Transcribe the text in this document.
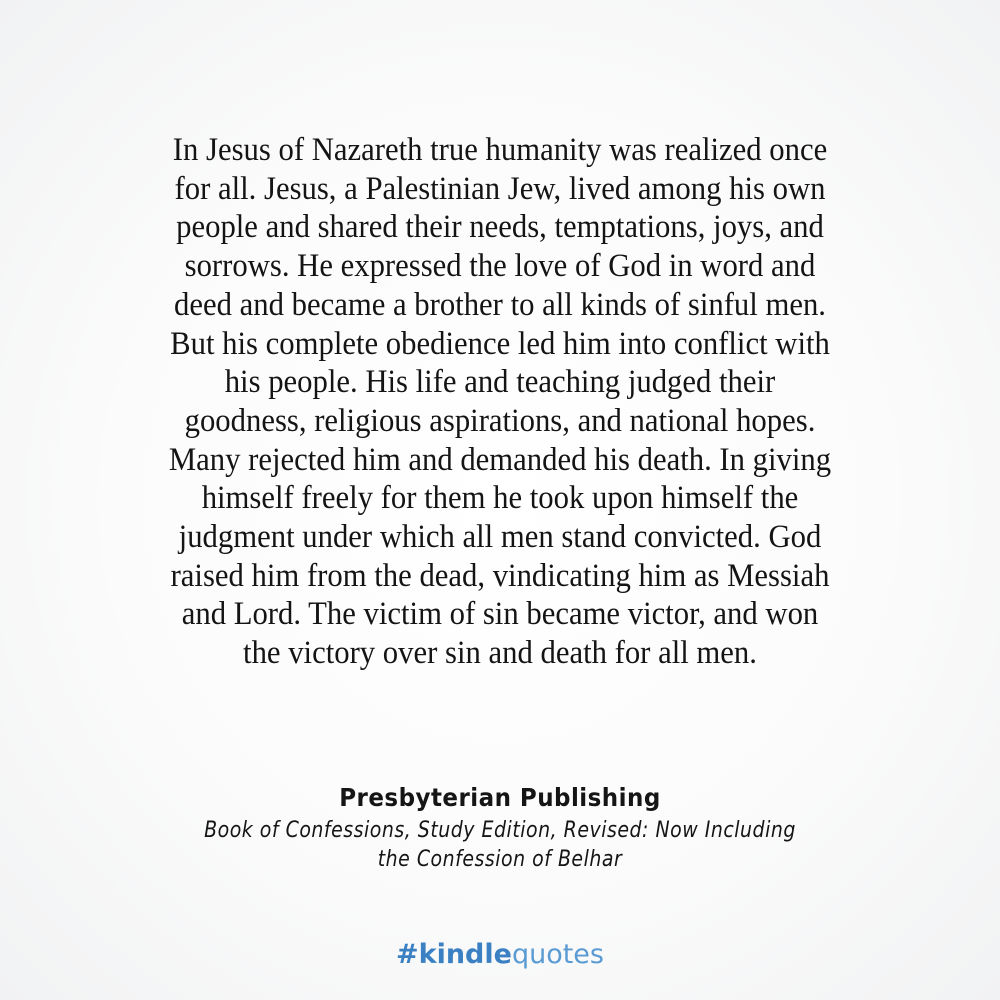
In Jesus of Nazareth true humanity was realized once
for all. Jesus, a Palestinian Jew, lived among his own
people and shared their needs, temptations, joys, and
sorrows. He expressed the love of God in word and
deed and became a brother to all kinds of sinful men.
But his complete obedience led him into conflict with
his people. His life and teaching judged their
goodness, religious aspirations, and national hopes.
Many rejected him and demanded his death. In giving
himself freely for them he took upon himself the
judgment under which all men stand convicted. God
raised him from the dead, vindicating him as Messiah
and Lord. The victim of sin became victor, and won
the victory over sin and death for all men.
Presbyterian Publishing
Book of Confessions, Study Edition, Revised: Now Including
the Confession of Belhar
#kindlequotes
